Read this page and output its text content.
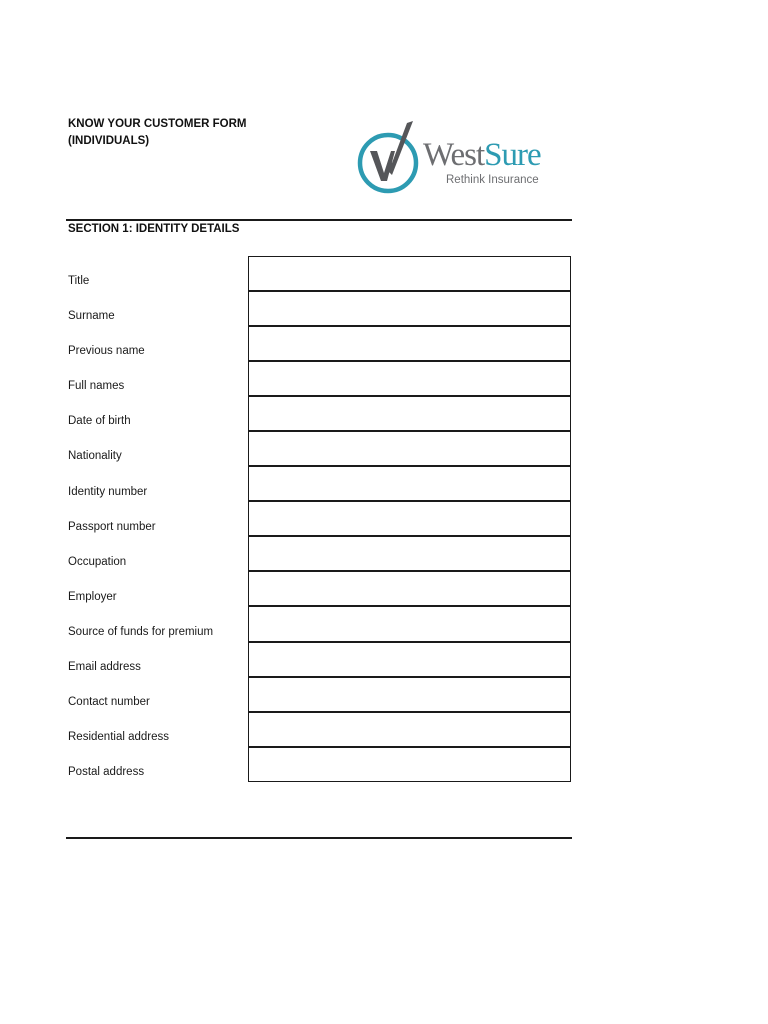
KNOW YOUR CUSTOMER FORM
(INDIVIDUALS)	WestSure
Rethink Insurance
SECTION 1: IDENTITY DETAILS
Title
Surname
Previous name
Full names
Date of birth
Nationality
Identity number
Passport number
Occupation
Employer
Source of funds for premium
Email address
Contact number
Residential address
Postal address
